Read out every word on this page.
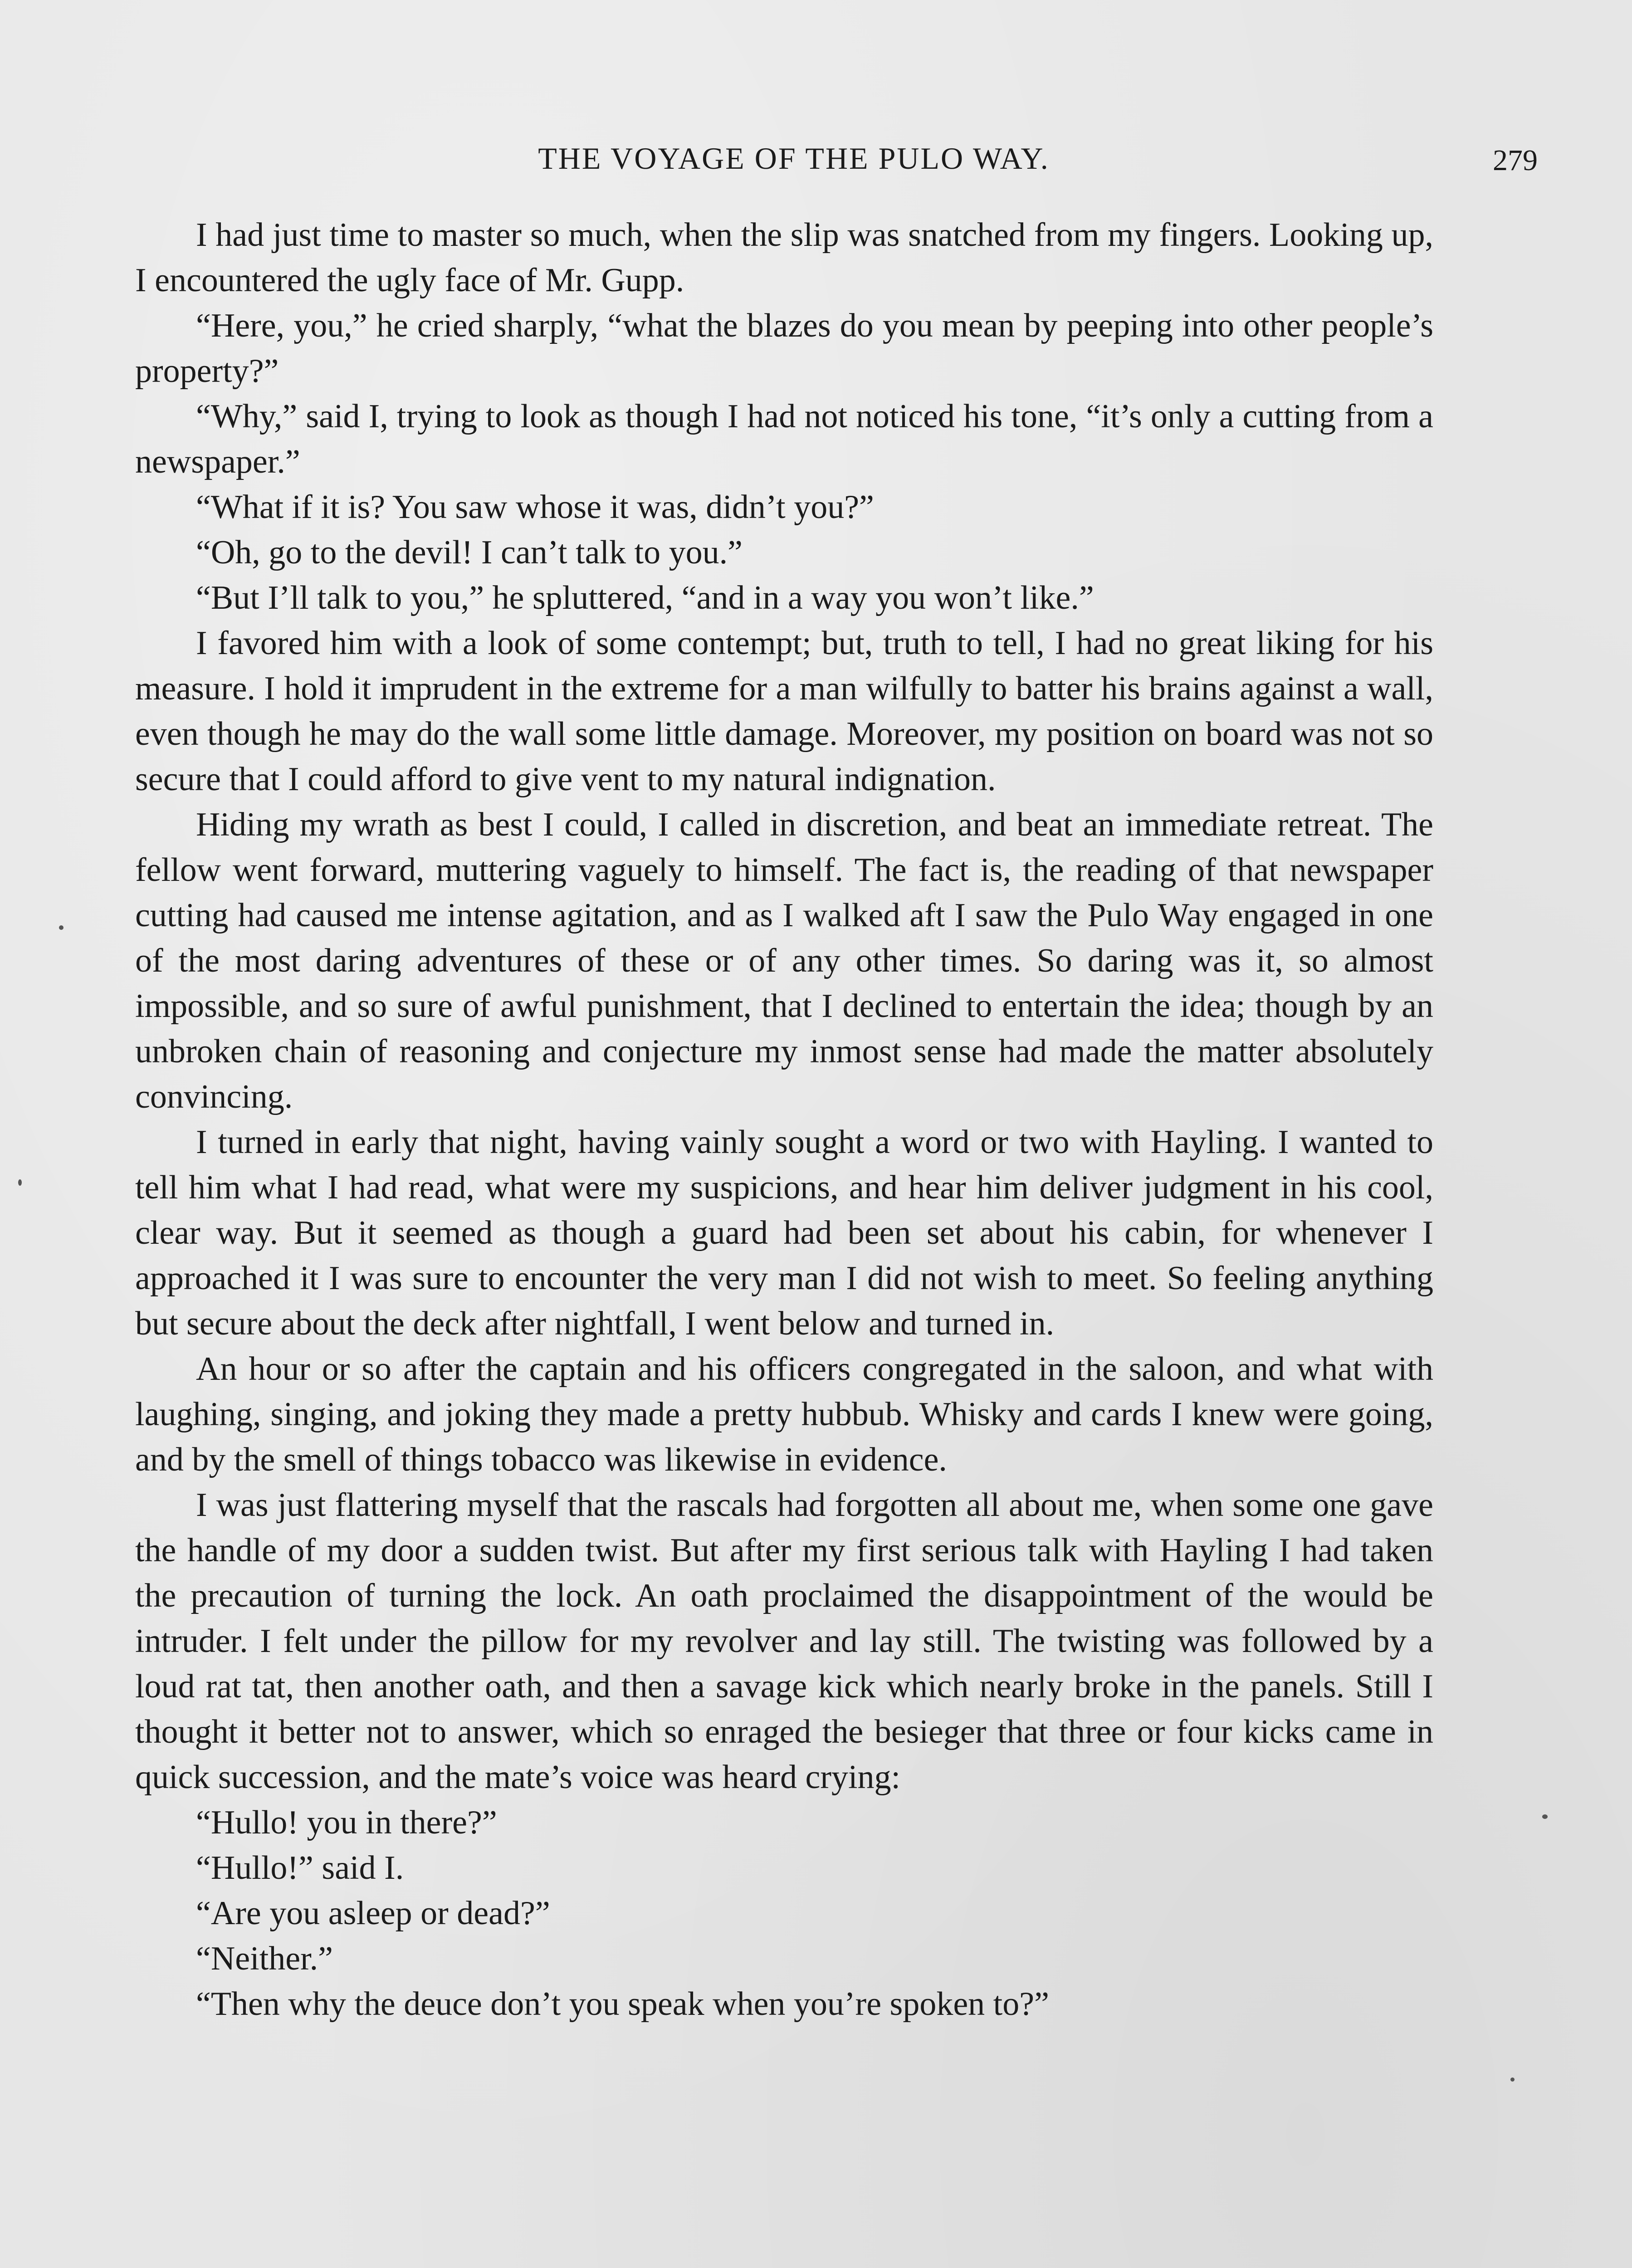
THE VOYAGE OF THE PULO WAY.	279

I had just time to master so much, when the slip was snatched from my fingers. Looking up, I encountered the ugly face of Mr. Gupp.

“Here, you,” he cried sharply, “what the blazes do you mean by peeping into other people’s property?”

“Why,” said I, trying to look as though I had not noticed his tone, “it’s only a cutting from a newspaper.”

“What if it is? You saw whose it was, didn’t you?”

“Oh, go to the devil! I can’t talk to you.”

“But I’ll talk to you,” he spluttered, “and in a way you won’t like.”

I favored him with a look of some contempt; but, truth to tell, I had no great liking for his measure. I hold it imprudent in the extreme for a man wilfully to batter his brains against a wall, even though he may do the wall some little damage. Moreover, my position on board was not so secure that I could afford to give vent to my natural indignation.

Hiding my wrath as best I could, I called in discretion, and beat an immediate retreat. The fellow went forward, muttering vaguely to himself. The fact is, the reading of that newspaper cutting had caused me intense agitation, and as I walked aft I saw the Pulo Way engaged in one of the most daring adventures of these or of any other times. So daring was it, so almost impossible, and so sure of awful punishment, that I declined to entertain the idea; though by an unbroken chain of reasoning and conjecture my inmost sense had made the matter absolutely convincing.

I turned in early that night, having vainly sought a word or two with Hayling. I wanted to tell him what I had read, what were my suspicions, and hear him deliver judgment in his cool, clear way. But it seemed as though a guard had been set about his cabin, for whenever I approached it I was sure to encounter the very man I did not wish to meet. So feeling anything but secure about the deck after nightfall, I went below and turned in.

An hour or so after the captain and his officers congregated in the saloon, and what with laughing, singing, and joking they made a pretty hubbub. Whisky and cards I knew were going, and by the smell of things tobacco was likewise in evidence.

I was just flattering myself that the rascals had forgotten all about me, when some one gave the handle of my door a sudden twist. But after my first serious talk with Hayling I had taken the precaution of turning the lock. An oath proclaimed the disappointment of the would be intruder. I felt under the pillow for my revolver and lay still. The twisting was followed by a loud rat tat, then another oath, and then a savage kick which nearly broke in the panels. Still I thought it better not to answer, which so enraged the besieger that three or four kicks came in quick succession, and the mate’s voice was heard crying:

“Hullo! you in there?”

“Hullo!” said I.

“Are you asleep or dead?”

“Neither.”

“Then why the deuce don’t you speak when you’re spoken to?”
